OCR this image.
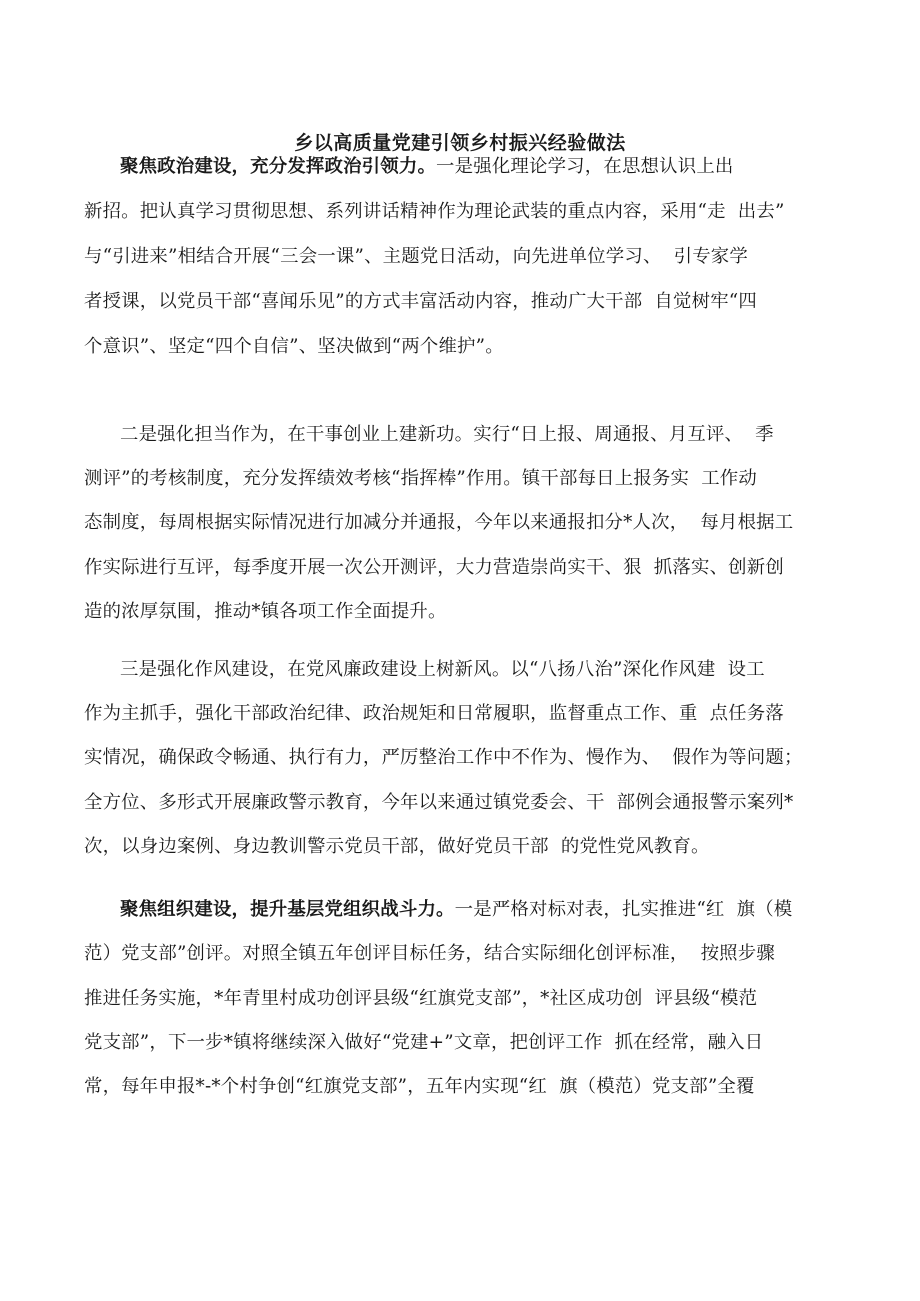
乡以高质量党建引领乡村振兴经验做法
聚焦政治建设，充分发挥政治引领力。一是强化理论学习，在思想认识上出
新招。把认真学习贯彻思想、系列讲话精神作为理论武装的重点内容，采用“走  出去”
与“引进来”相结合开展“三会一课”、主题党日活动，向先进单位学习、  引专家学
者授课，以党员干部“喜闻乐见”的方式丰富活动内容，推动广大干部  自觉树牢“四
个意识”、坚定“四个自信”、坚决做到“两个维护”。
二是强化担当作为，在干事创业上建新功。实行“日上报、周通报、月互评、  季
测评”的考核制度，充分发挥绩效考核“指挥棒”作用。镇干部每日上报务实  工作动
态制度，每周根据实际情况进行加减分并通报，今年以来通报扣分*人次，  每月根据工
作实际进行互评，每季度开展一次公开测评，大力营造崇尚实干、狠  抓落实、创新创
造的浓厚氛围，推动*镇各项工作全面提升。
三是强化作风建设，在党风廉政建设上树新风。以“八扬八治”深化作风建  设工
作为主抓手，强化干部政治纪律、政治规矩和日常履职，监督重点工作、重  点任务落
实情况，确保政令畅通、执行有力，严厉整治工作中不作为、慢作为、  假作为等问题；
全方位、多形式开展廉政警示教育，今年以来通过镇党委会、干  部例会通报警示案列*
次，以身边案例、身边教训警示党员干部，做好党员干部  的党性党风教育。
聚焦组织建设，提升基层党组织战斗力。一是严格对标对表，扎实推进“红  旗（模
范）党支部”创评。对照全镇五年创评目标任务，结合实际细化创评标准，  按照步骤
推进任务实施，*年青里村成功创评县级“红旗党支部”，*社区成功创  评县级“模范
党支部”，下一步*镇将继续深入做好“党建+”文章，把创评工作  抓在经常，融入日
常，每年申报*-*个村争创“红旗党支部”，五年内实现“红  旗（模范）党支部”全覆
